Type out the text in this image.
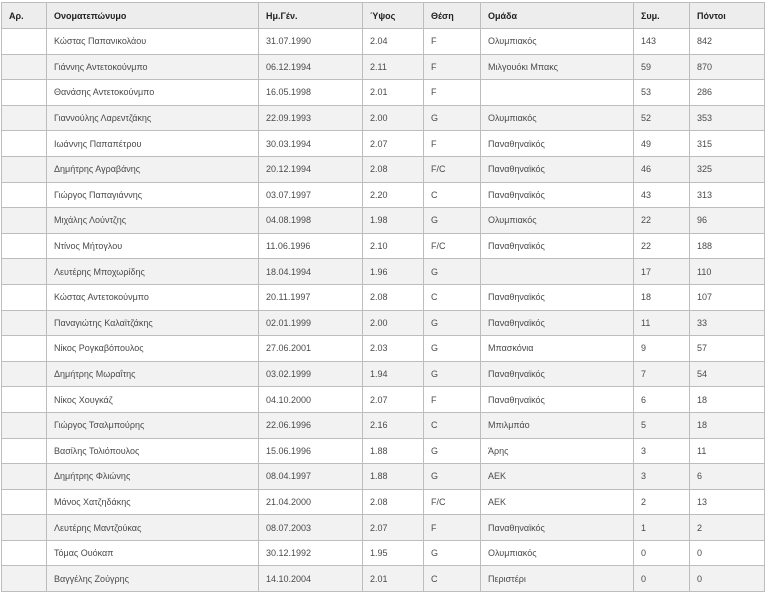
Αρ.	Ονοματεπώνυμο	Ημ.Γέν.	Ύψος	Θέση	Ομάδα	Συμ.	Πόντοι
	Κώστας Παπανικολάου	31.07.1990	2.04	F	Ολυμπιακός	143	842
	Γιάννης Αντετοκούνμπο	06.12.1994	2.11	F	Μιλγουόκι Μπακς	59	870
	Θανάσης Αντετοκούνμπο	16.05.1998	2.01	F		53	286
	Γιαννούλης Λαρεντζάκης	22.09.1993	2.00	G	Ολυμπιακός	52	353
	Ιωάννης Παπαπέτρου	30.03.1994	2.07	F	Παναθηναϊκός	49	315
	Δημήτρης Αγραβάνης	20.12.1994	2.08	F/C	Παναθηναϊκός	46	325
	Γιώργος Παπαγιάννης	03.07.1997	2.20	C	Παναθηναϊκός	43	313
	Μιχάλης Λούντζης	04.08.1998	1.98	G	Ολυμπιακός	22	96
	Ντίνος Μήτογλου	11.06.1996	2.10	F/C	Παναθηναϊκός	22	188
	Λευτέρης Μποχωρίδης	18.04.1994	1.96	G		17	110
	Κώστας Αντετοκούνμπο	20.11.1997	2.08	C	Παναθηναϊκός	18	107
	Παναγιώτης Καλαϊτζάκης	02.01.1999	2.00	G	Παναθηναϊκός	11	33
	Νίκος Ρογκαβόπουλος	27.06.2001	2.03	G	Μπασκόνια	9	57
	Δημήτρης Μωραΐτης	03.02.1999	1.94	G	Παναθηναϊκός	7	54
	Νίκος Χουγκάζ	04.10.2000	2.07	F	Παναθηναϊκός	6	18
	Γιώργος Τσαλμπούρης	22.06.1996	2.16	C	Μπιλμπάο	5	18
	Βασίλης Τολιόπουλος	15.06.1996	1.88	G	Άρης	3	11
	Δημήτρης Φλιώνης	08.04.1997	1.88	G	ΑΕΚ	3	6
	Μάνος Χατζηδάκης	21.04.2000	2.08	F/C	ΑΕΚ	2	13
	Λευτέρης Μαντζούκας	08.07.2003	2.07	F	Παναθηναϊκός	1	2
	Τόμας Ουόκαπ	30.12.1992	1.95	G	Ολυμπιακός	0	0
	Βαγγέλης Ζούγρης	14.10.2004	2.01	C	Περιστέρι	0	0
